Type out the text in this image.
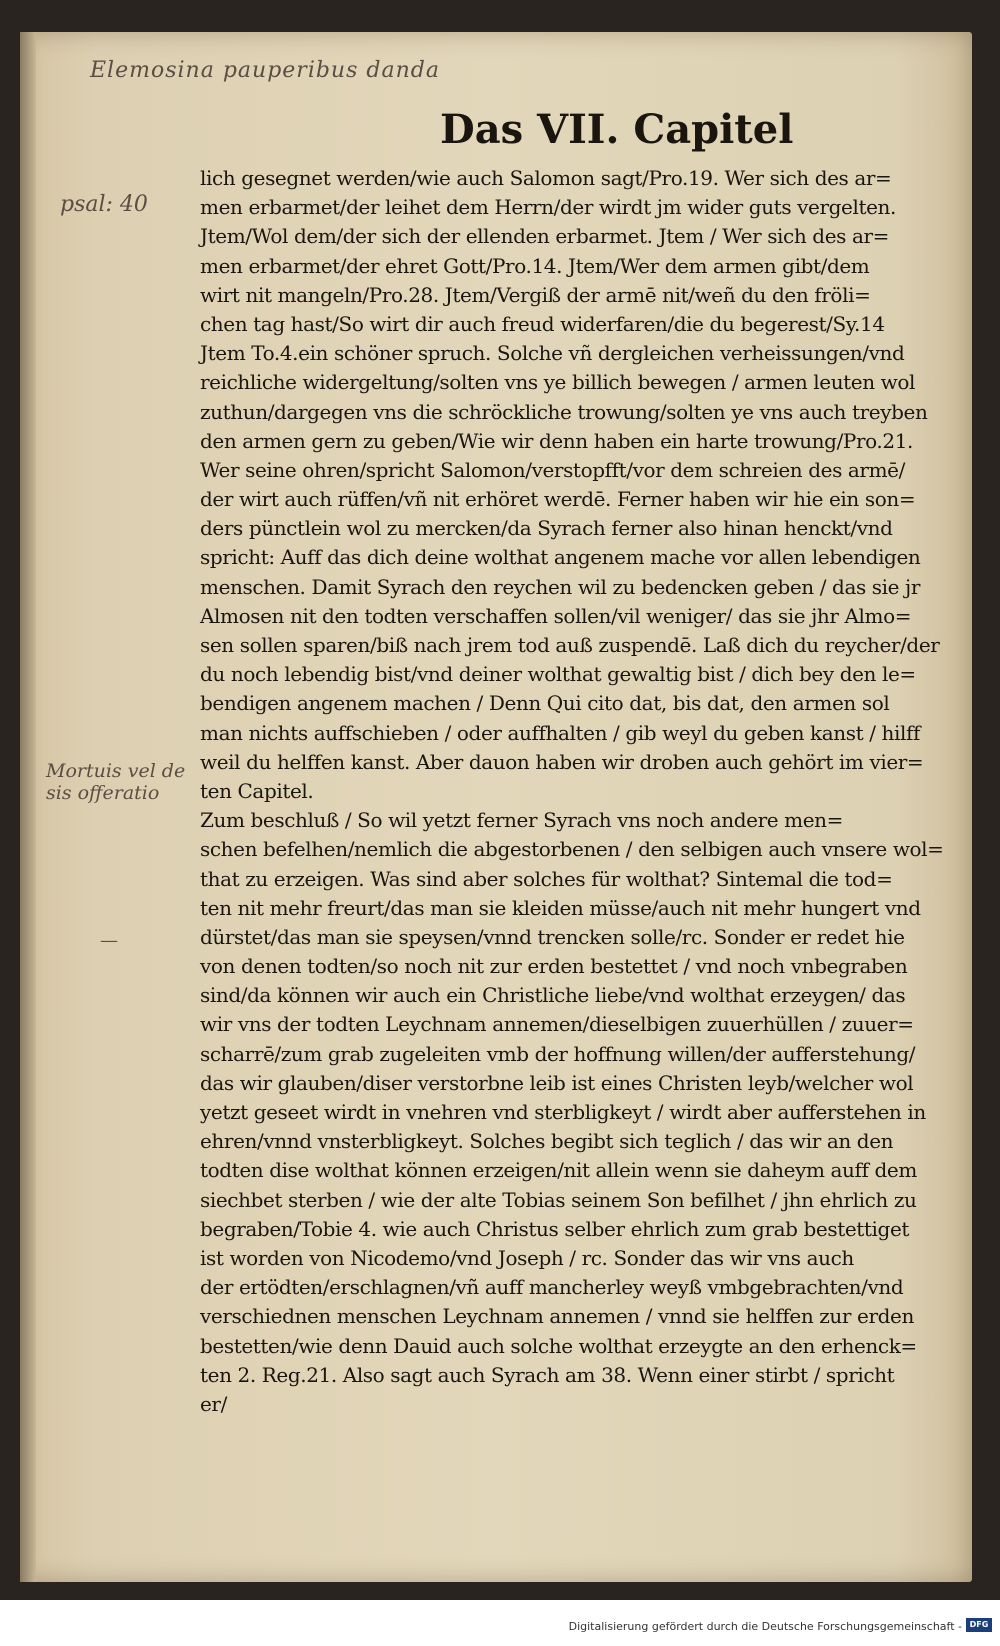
Elemosina pauperibus danda
Das VII. Capitel
psal: 40
Mortuis vel de sis offeratio
—
lich gesegnet werden/wie auch Salomon sagt/Pro.19. Wer sich des ar=
men erbarmet/der leihet dem Herrn/der wirdt jm wider guts vergelten.
Jtem/Wol dem/der sich der ellenden erbarmet. Jtem / Wer sich des ar=
men erbarmet/der ehret Gott/Pro.14. Jtem/Wer dem armen gibt/dem
wirt nit mangeln/Pro.28. Jtem/Vergiß der armē nit/weñ du den fröli=
chen tag hast/So wirt dir auch freud widerfaren/die du begerest/Sy.14
Jtem To.4.ein schöner spruch. Solche vñ dergleichen verheissungen/vnd
reichliche widergeltung/solten vns ye billich bewegen / armen leuten wol
zuthun/dargegen vns die schröckliche trowung/solten ye vns auch treyben
den armen gern zu geben/Wie wir denn haben ein harte trowung/Pro.21.
Wer seine ohren/spricht Salomon/verstopfft/vor dem schreien des armē/
der wirt auch rüffen/vñ nit erhöret werdē. Ferner haben wir hie ein son=
ders pünctlein wol zu mercken/da Syrach ferner also hinan henckt/vnd
spricht: Auff das dich deine wolthat angenem mache vor allen lebendigen
menschen. Damit Syrach den reychen wil zu bedencken geben / das sie jr
Almosen nit den todten verschaffen sollen/vil weniger/ das sie jhr Almo=
sen sollen sparen/biß nach jrem tod auß zuspendē. Laß dich du reycher/der
du noch lebendig bist/vnd deiner wolthat gewaltig bist / dich bey den le=
bendigen angenem machen / Denn Qui cito dat, bis dat, den armen sol
man nichts auffschieben / oder auffhalten / gib weyl du geben kanst / hilff
weil du helffen kanst. Aber dauon haben wir droben auch gehört im vier=
ten Capitel.
Zum beschluß / So wil yetzt ferner Syrach vns noch andere men=
schen befelhen/nemlich die abgestorbenen / den selbigen auch vnsere wol=
that zu erzeigen. Was sind aber solches für wolthat? Sintemal die tod=
ten nit mehr freurt/das man sie kleiden müsse/auch nit mehr hungert vnd
dürstet/das man sie speysen/vnnd trencken solle/rc. Sonder er redet hie
von denen todten/so noch nit zur erden bestettet / vnd noch vnbegraben
sind/da können wir auch ein Christliche liebe/vnd wolthat erzeygen/ das
wir vns der todten Leychnam annemen/dieselbigen zuuerhüllen / zuuer=
scharrē/zum grab zugeleiten vmb der hoffnung willen/der aufferstehung/
das wir glauben/diser verstorbne leib ist eines Christen leyb/welcher wol
yetzt geseet wirdt in vnehren vnd sterbligkeyt / wirdt aber aufferstehen in
ehren/vnnd vnsterbligkeyt. Solches begibt sich teglich / das wir an den
todten dise wolthat können erzeigen/nit allein wenn sie daheym auff dem
siechbet sterben / wie der alte Tobias seinem Son befilhet / jhn ehrlich zu
begraben/Tobie 4. wie auch Christus selber ehrlich zum grab bestettiget
ist worden von Nicodemo/vnd Joseph / rc. Sonder das wir vns auch
der ertödten/erschlagnen/vñ auff mancherley weyß vmbgebrachten/vnd
verschiednen menschen Leychnam annemen / vnnd sie helffen zur erden
bestetten/wie denn Dauid auch solche wolthat erzeygte an den erhenck=
ten 2. Reg.21. Also sagt auch Syrach am 38. Wenn einer stirbt / spricht
er/
Digitalisierung gefördert durch die Deutsche Forschungsgemeinschaft - DFG
